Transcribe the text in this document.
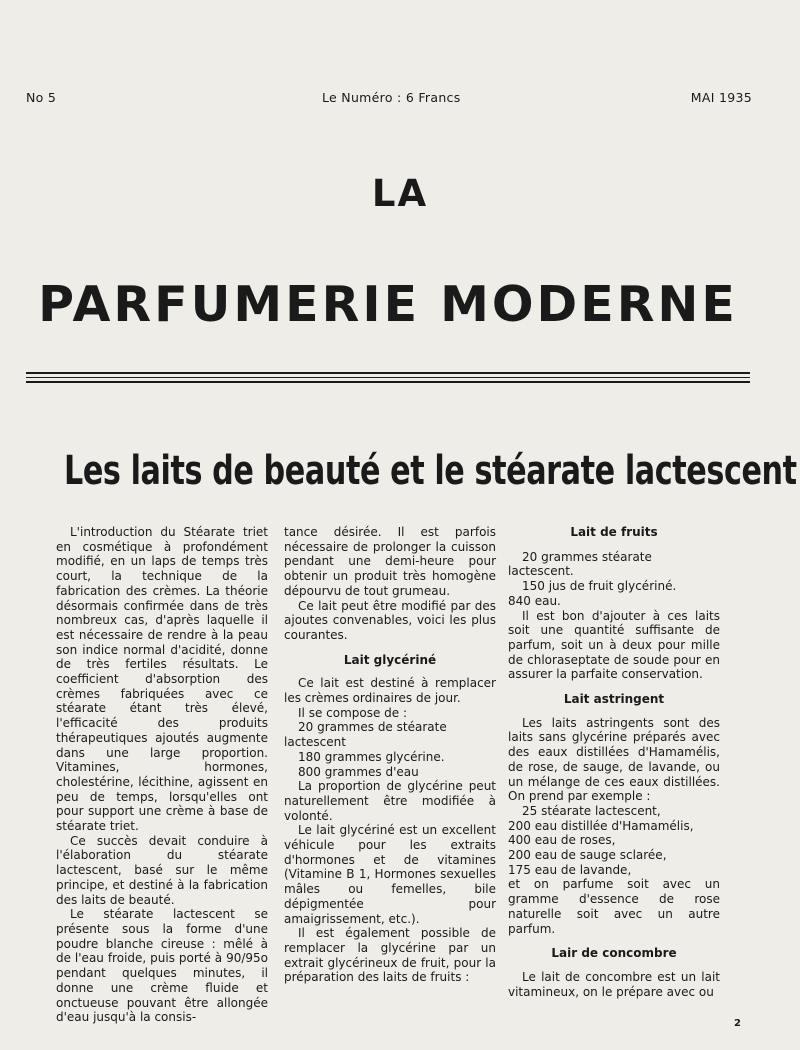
No 5	Le Numéro : 6 Francs	MAI 1935
LA
PARFUMERIE MODERNE
Les laits de beauté et le stéarate lactescent

L'introduction du Stéarate triet en cosmétique à profondément modifié, en un laps de temps très court, la technique de la fabrication des crèmes. La théorie désormais confirmée dans de très nombreux cas, d'après laquelle il est nécessaire de rendre à la peau son indice normal d'acidité, donne de très fertiles résultats. Le coefficient d'absorption des crèmes fabriquées avec ce stéarate étant très élevé, l'efficacité des produits thérapeutiques ajoutés augmente dans une large proportion. Vitamines, hormones, cholestérine, lécithine, agissent en peu de temps, lorsqu'elles ont pour support une crème à base de stéarate triet.

Ce succès devait conduire à l'élaboration du stéarate lactescent, basé sur le même principe, et destiné à la fabrication des laits de beauté.

Le stéarate lactescent se présente sous la forme d'une poudre blanche cireuse : mêlé à de l'eau froide, puis porté à 90/95o pendant quelques minutes, il donne une crème fluide et onctueuse pouvant être allongée d'eau jusqu'à la consis-

tance désirée. Il est parfois nécessaire de prolonger la cuisson pendant une demi-heure pour obtenir un produit très homogène dépourvu de tout grumeau.

Ce lait peut être modifié par des ajoutes convenables, voici les plus courantes.

Lait glycériné

Ce lait est destiné à remplacer les crèmes ordinaires de jour.

Il se compose de :

20 grammes de stéarate lactescent

180 grammes glycérine.

800 grammes d'eau

La proportion de glycérine peut naturellement être modifiée à volonté.

Le lait glycériné est un excellent véhicule pour les extraits d'hormones et de vitamines (Vitamine B 1, Hormones sexuelles mâles ou femelles, bile dépigmentée pour amaigrissement, etc.).

Il est également possible de remplacer la glycérine par un extrait glycérineux de fruit, pour la préparation des laits de fruits :

Lait de fruits

20 grammes stéarate lactescent.

150 jus de fruit glycériné.

840 eau.

Il est bon d'ajouter à ces laits soit une quantité suffisante de parfum, soit un à deux pour mille de chloraseptate de soude pour en assurer la parfaite conservation.

Lait astringent

Les laits astringents sont des laits sans glycérine préparés avec des eaux distillées d'Hamamélis, de rose, de sauge, de lavande, ou un mélange de ces eaux distillées. On prend par exemple :

25 stéarate lactescent,

200 eau distillée d'Hamamélis,

400 eau de roses,

200 eau de sauge sclarée,

175 eau de lavande,

et on parfume soit avec un gramme d'essence de rose naturelle soit avec un autre parfum.

Lair de concombre

Le lait de concombre est un lait vitamineux, on le prépare avec ou

2
